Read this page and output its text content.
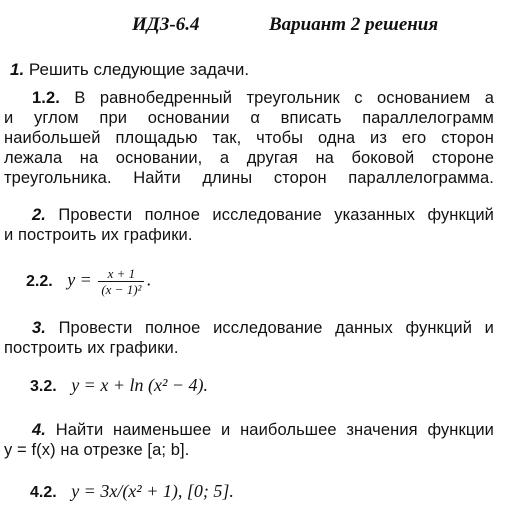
ИДЗ-6.4	Вариант 2 решения
1. Решить следующие задачи.
1.2. В равнобедренный треугольник с основанием a
и углом при основании α вписать параллелограмм
наибольшей площадью так, чтобы одна из его сторон
лежала на основании, а другая на боковой стороне
треугольника. Найти длины сторон параллелограмма.
2. Провести полное исследование указанных функций
и построить их графики.
2.2. $y = \frac{x + 1}{\text{(x − 1)²}}$ .
3. Провести полное исследование данных функций и
построить их графики.
3.2. y = x + ln (x² − 4).
4. Найти наименьшее и наибольшее значения функции
y = f(x) на отрезке [a; b].
4.2. y = 3x/(x² + 1), [0; 5].
